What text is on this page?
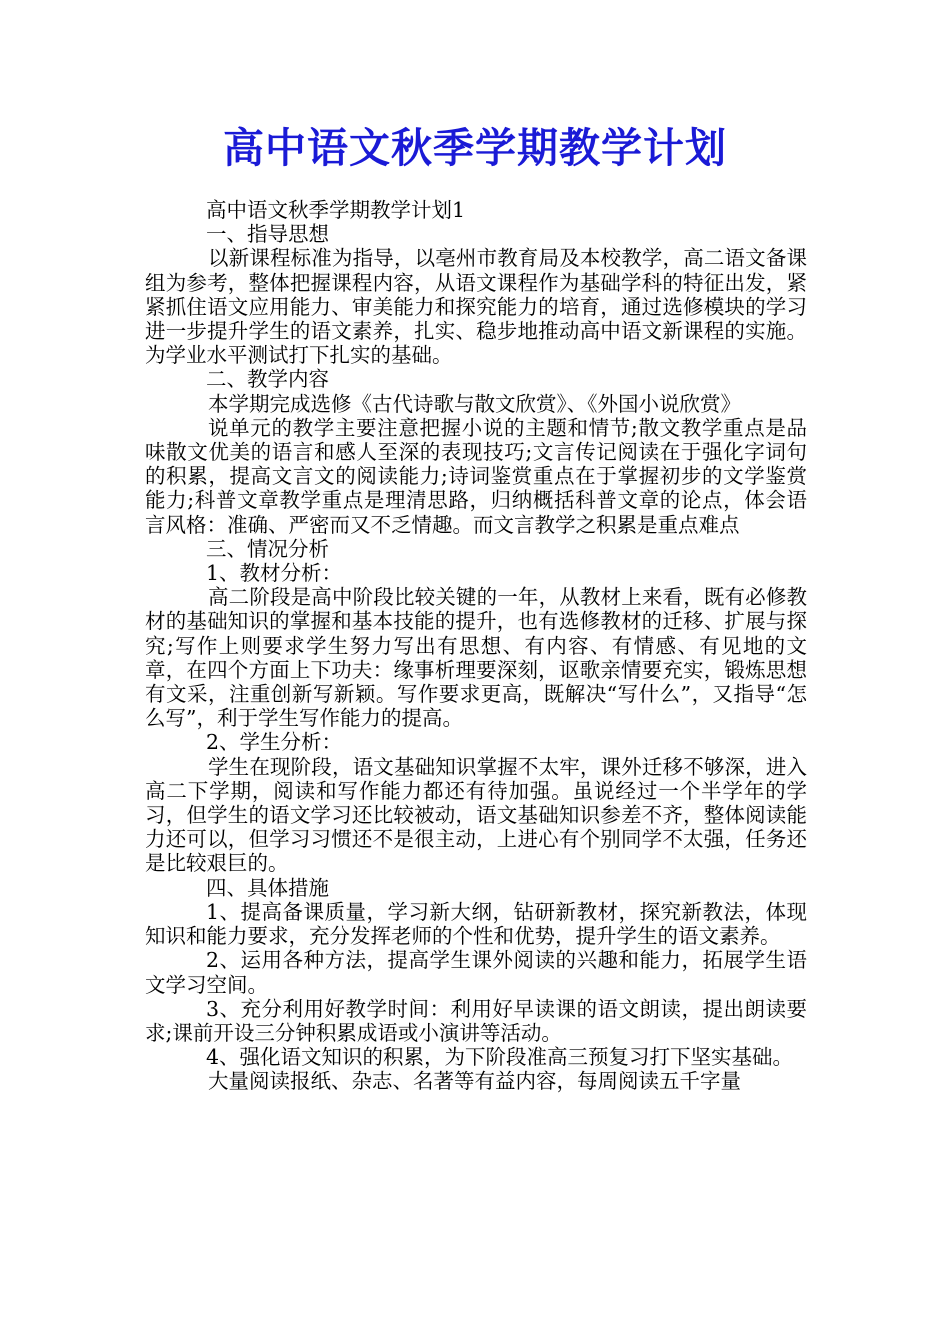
高中语文秋季学期教学计划

高中语文秋季学期教学计划1

一、指导思想

以新课程标准为指导，以亳州市教育局及本校教学，高二语文备课组为参考，整体把握课程内容，从语文课程作为基础学科的特征出发，紧紧抓住语文应用能力、审美能力和探究能力的培育，通过选修模块的学习进一步提升学生的语文素养，扎实、稳步地推动高中语文新课程的实施。为学业水平测试打下扎实的基础。

二、教学内容

本学期完成选修《古代诗歌与散文欣赏》、《外国小说欣赏》

说单元的教学主要注意把握小说的主题和情节;散文教学重点是品味散文优美的语言和感人至深的表现技巧;文言传记阅读在于强化字词句的积累，提高文言文的阅读能力;诗词鉴赏重点在于掌握初步的文学鉴赏能力;科普文章教学重点是理清思路，归纳概括科普文章的论点，体会语言风格：准确、严密而又不乏情趣。而文言教学之积累是重点难点

三、情况分析

1、教材分析：

高二阶段是高中阶段比较关键的一年，从教材上来看，既有必修教材的基础知识的掌握和基本技能的提升，也有选修教材的迁移、扩展与探究;写作上则要求学生努力写出有思想、有内容、有情感、有见地的文章，在四个方面上下功夫：缘事析理要深刻，讴歌亲情要充实，锻炼思想有文采，注重创新写新颖。写作要求更高，既解决“写什么”，又指导“怎么写”，利于学生写作能力的提高。

2、学生分析：

学生在现阶段，语文基础知识掌握不太牢，课外迁移不够深，进入高二下学期，阅读和写作能力都还有待加强。虽说经过一个半学年的学习，但学生的语文学习还比较被动，语文基础知识参差不齐，整体阅读能力还可以，但学习习惯还不是很主动，上进心有个别同学不太强，任务还是比较艰巨的。

四、具体措施

1、提高备课质量，学习新大纲，钻研新教材，探究新教法，体现知识和能力要求，充分发挥老师的个性和优势，提升学生的语文素养。

2、运用各种方法，提高学生课外阅读的兴趣和能力，拓展学生语文学习空间。

3、充分利用好教学时间：利用好早读课的语文朗读，提出朗读要求;课前开设三分钟积累成语或小演讲等活动。

4、强化语文知识的积累，为下阶段准高三预复习打下坚实基础。

大量阅读报纸、杂志、名著等有益内容，每周阅读五千字量
